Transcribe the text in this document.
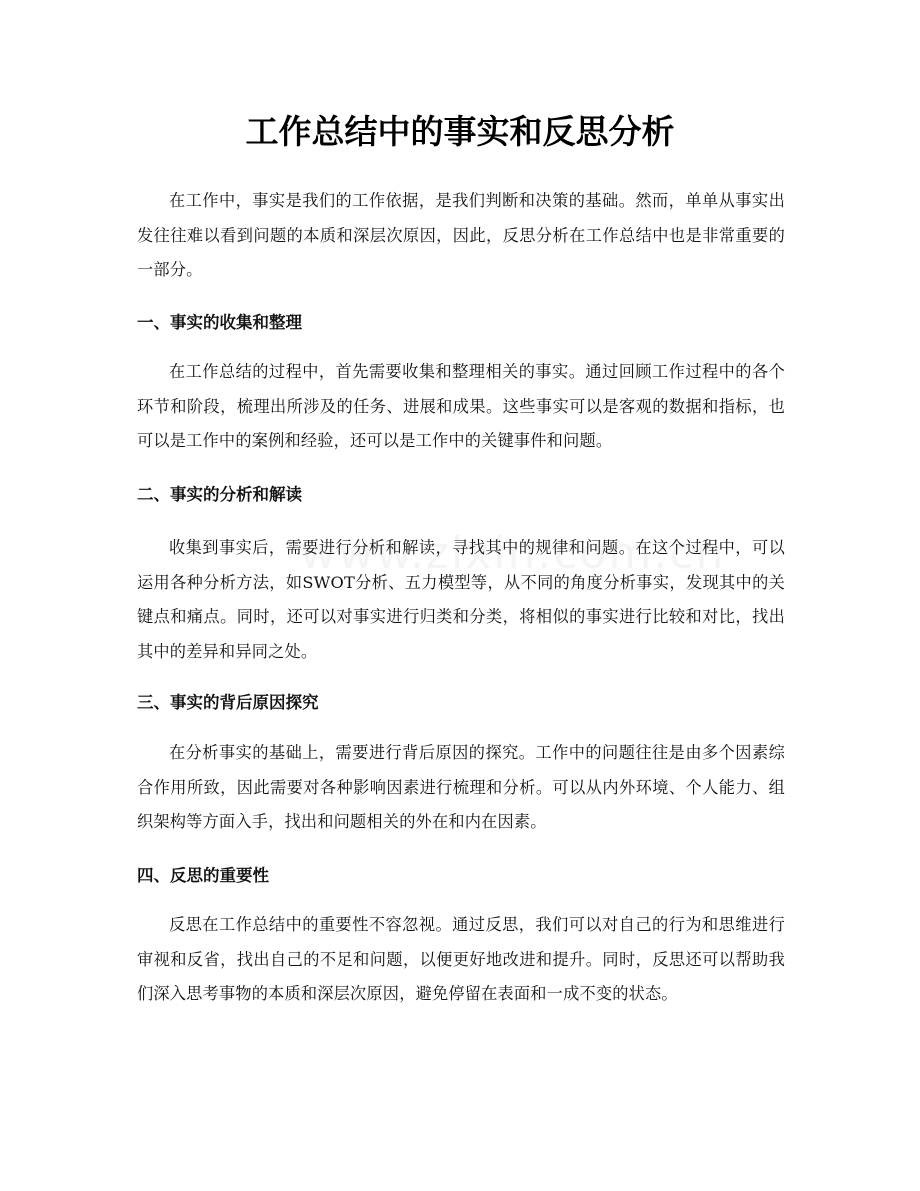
工作总结中的事实和反思分析

在工作中，事实是我们的工作依据，是我们判断和决策的基础。然而，单单从事实出发往往难以看到问题的本质和深层次原因，因此，反思分析在工作总结中也是非常重要的一部分。

一、事实的收集和整理

在工作总结的过程中，首先需要收集和整理相关的事实。通过回顾工作过程中的各个环节和阶段，梳理出所涉及的任务、进展和成果。这些事实可以是客观的数据和指标，也可以是工作中的案例和经验，还可以是工作中的关键事件和问题。

二、事实的分析和解读

收集到事实后，需要进行分析和解读，寻找其中的规律和问题。在这个过程中，可以运用各种分析方法，如SWOT分析、五力模型等，从不同的角度分析事实，发现其中的关键点和痛点。同时，还可以对事实进行归类和分类，将相似的事实进行比较和对比，找出其中的差异和异同之处。

三、事实的背后原因探究

在分析事实的基础上，需要进行背后原因的探究。工作中的问题往往是由多个因素综合作用所致，因此需要对各种影响因素进行梳理和分析。可以从内外环境、个人能力、组织架构等方面入手，找出和问题相关的外在和内在因素。

四、反思的重要性

反思在工作总结中的重要性不容忽视。通过反思，我们可以对自己的行为和思维进行审视和反省，找出自己的不足和问题，以便更好地改进和提升。同时，反思还可以帮助我们深入思考事物的本质和深层次原因，避免停留在表面和一成不变的状态。
